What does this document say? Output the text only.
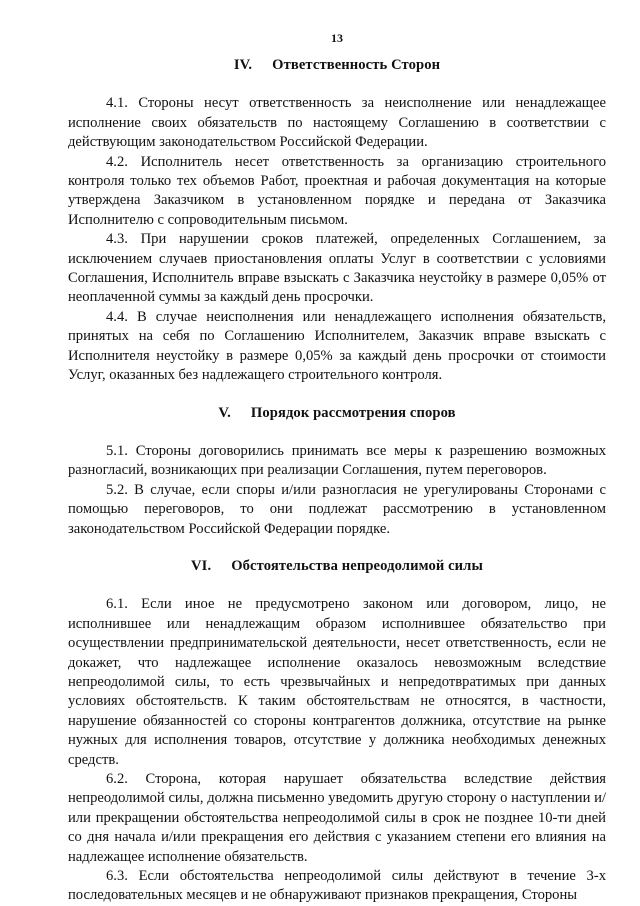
13
IV. Ответственность Сторон

4.1. Стороны несут ответственность за неисполнение или ненадлежащее исполнение своих обязательств по настоящему Соглашению в соответствии с действующим законодательством Российской Федерации.

4.2. Исполнитель несет ответственность за организацию строительного контроля только тех объемов Работ, проектная и рабочая документация на которые утверждена Заказчиком в установленном порядке и передана от Заказчика Исполнителю с сопроводительным письмом.

4.3. При нарушении сроков платежей, определенных Соглашением, за исключением случаев приостановления оплаты Услуг в соответствии с условиями Соглашения, Исполнитель вправе взыскать с Заказчика неустойку в размере 0,05% от неоплаченной суммы за каждый день просрочки.

4.4. В случае неисполнения или ненадлежащего исполнения обязательств, принятых на себя по Соглашению Исполнителем, Заказчик вправе взыскать с Исполнителя неустойку в размере 0,05% за каждый день просрочки от стоимости Услуг, оказанных без надлежащего строительного контроля.

V. Порядок рассмотрения споров

5.1. Стороны договорились принимать все меры к разрешению возможных разногласий, возникающих при реализации Соглашения, путем переговоров.

5.2. В случае, если споры и/или разногласия не урегулированы Сторонами с помощью переговоров, то они подлежат рассмотрению в установленном законодательством Российской Федерации порядке.

VI. Обстоятельства непреодолимой силы

6.1. Если иное не предусмотрено законом или договором, лицо, не исполнившее или ненадлежащим образом исполнившее обязательство при осуществлении предпринимательской деятельности, несет ответственность, если не докажет, что надлежащее исполнение оказалось невозможным вследствие непреодолимой силы, то есть чрезвычайных и непредотвратимых при данных условиях обстоятельств. К таким обстоятельствам не относятся, в частности, нарушение обязанностей со стороны контрагентов должника, отсутствие на рынке нужных для исполнения товаров, отсутствие у должника необходимых денежных средств.

6.2. Сторона, которая нарушает обязательства вследствие действия непреодолимой силы, должна письменно уведомить другую сторону о наступлении и/или прекращении обстоятельства непреодолимой силы в срок не позднее 10-ти дней со дня начала и/или прекращения его действия с указанием степени его влияния на надлежащее исполнение обязательств.

6.3. Если обстоятельства непреодолимой силы действуют в течение 3-х последовательных месяцев и не обнаруживают признаков прекращения, Стороны
